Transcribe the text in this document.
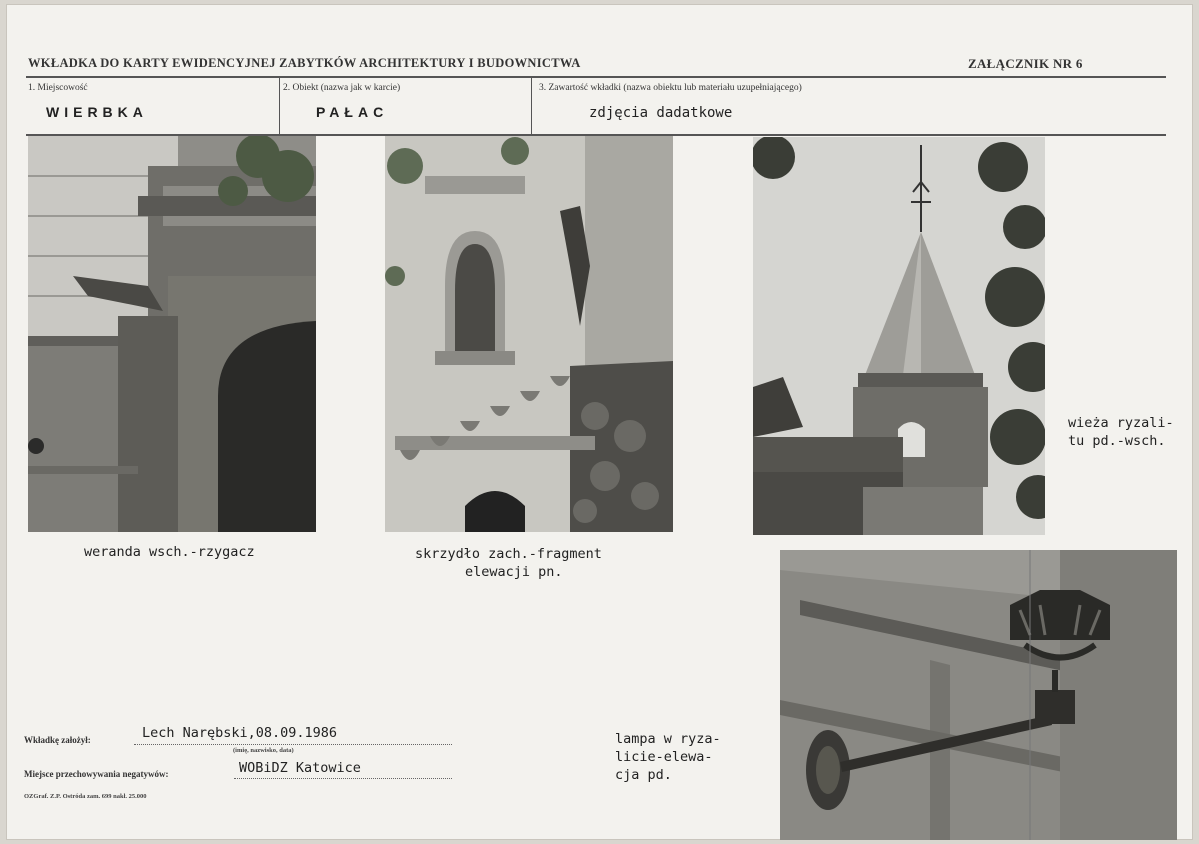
WKŁADKA DO KARTY EWIDENCYJNEJ ZABYTKÓW ARCHITEKTURY I BUDOWNICTWA	ZAŁĄCZNIK NR 6
1. Miejscowość	2. Obiekt (nazwa jak w karcie)	3. Zawartość wkładki (nazwa obiektu lub materiału uzupełniającego)
WIERBKA	PAŁAC	zdjęcia dadatkowe
weranda wsch.-rzygacz	skrzydło zach.-fragment
elewacji pn.
wieża ryzali-
tu pd.-wsch.
lampa w ryza-
licie-elewa-
cja pd.
Wkładkę założył:	Lech Narębski,08.09.1986
(imię, nazwisko, data)
Miejsce przechowywania negatywów:	WOBiDZ Katowice
OZGraf. Z.P. Ostróda zam. 699 nakł. 25.000
